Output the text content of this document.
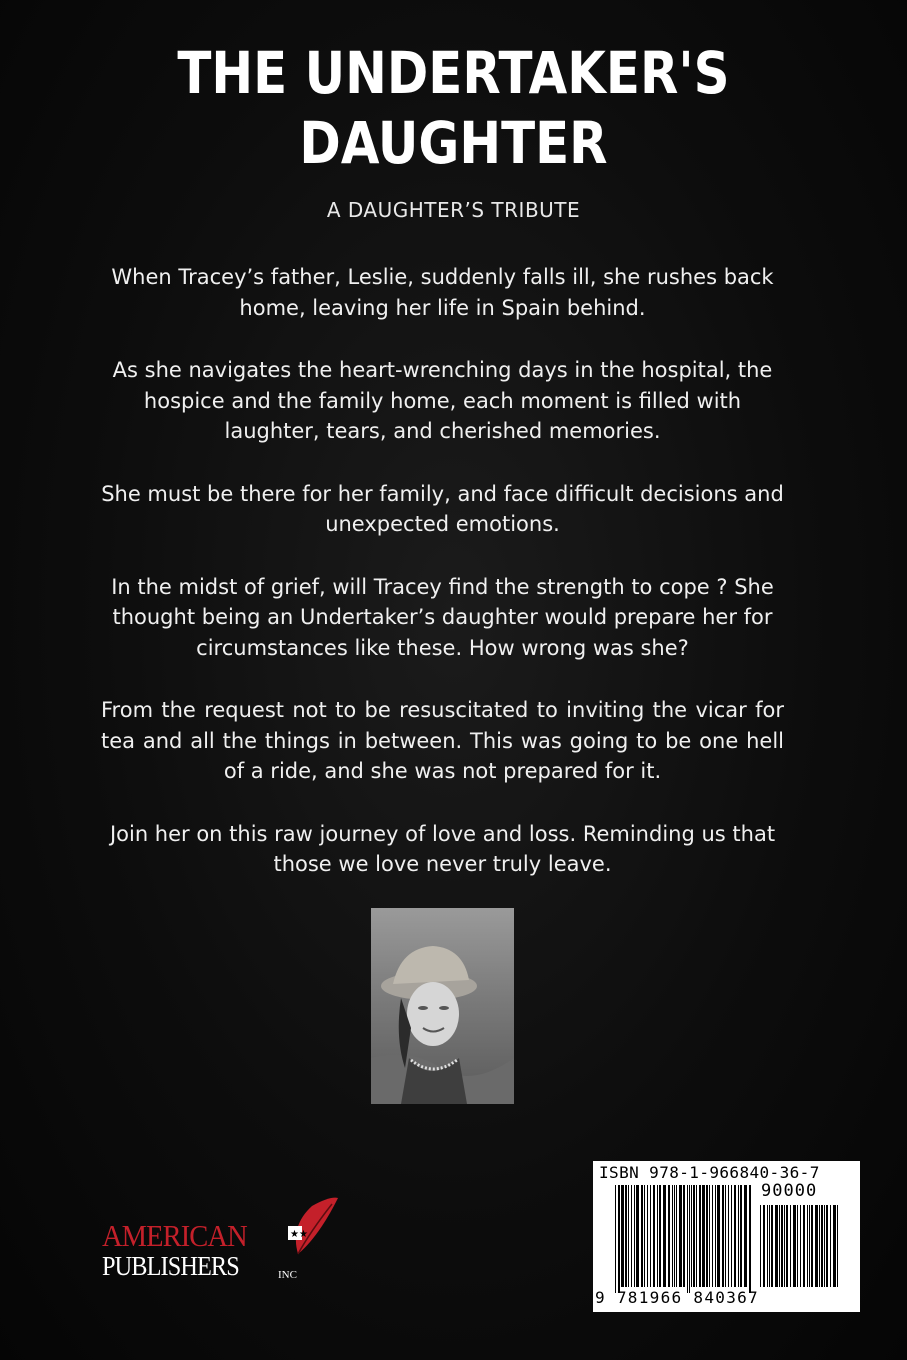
THE UNDERTAKER'S
DAUGHTER
A DAUGHTER’S TRIBUTE

When Tracey’s father, Leslie, suddenly falls ill, she rushes back home, leaving her life in Spain behind.

As she navigates the heart-wrenching days in the hospital, the hospice and the family home, each moment is filled with laughter, tears, and cherished memories.

She must be there for her family, and face difficult decisions and unexpected emotions.

In the midst of grief, will Tracey find the strength to cope ? She thought being an Undertaker’s daughter would prepare her for circumstances like these. How wrong was she?

From the request not to be resuscitated to inviting the vicar for tea and all the things in between. This was going to be one hell of a ride, and she was not prepared for it.

Join her on this raw journey of love and loss. Reminding us that those we love never truly leave.

★★
AMERICAN
PUBLISHERS	INC
ISBN 978-1-966840-36-7
90000
9 781966 840367
